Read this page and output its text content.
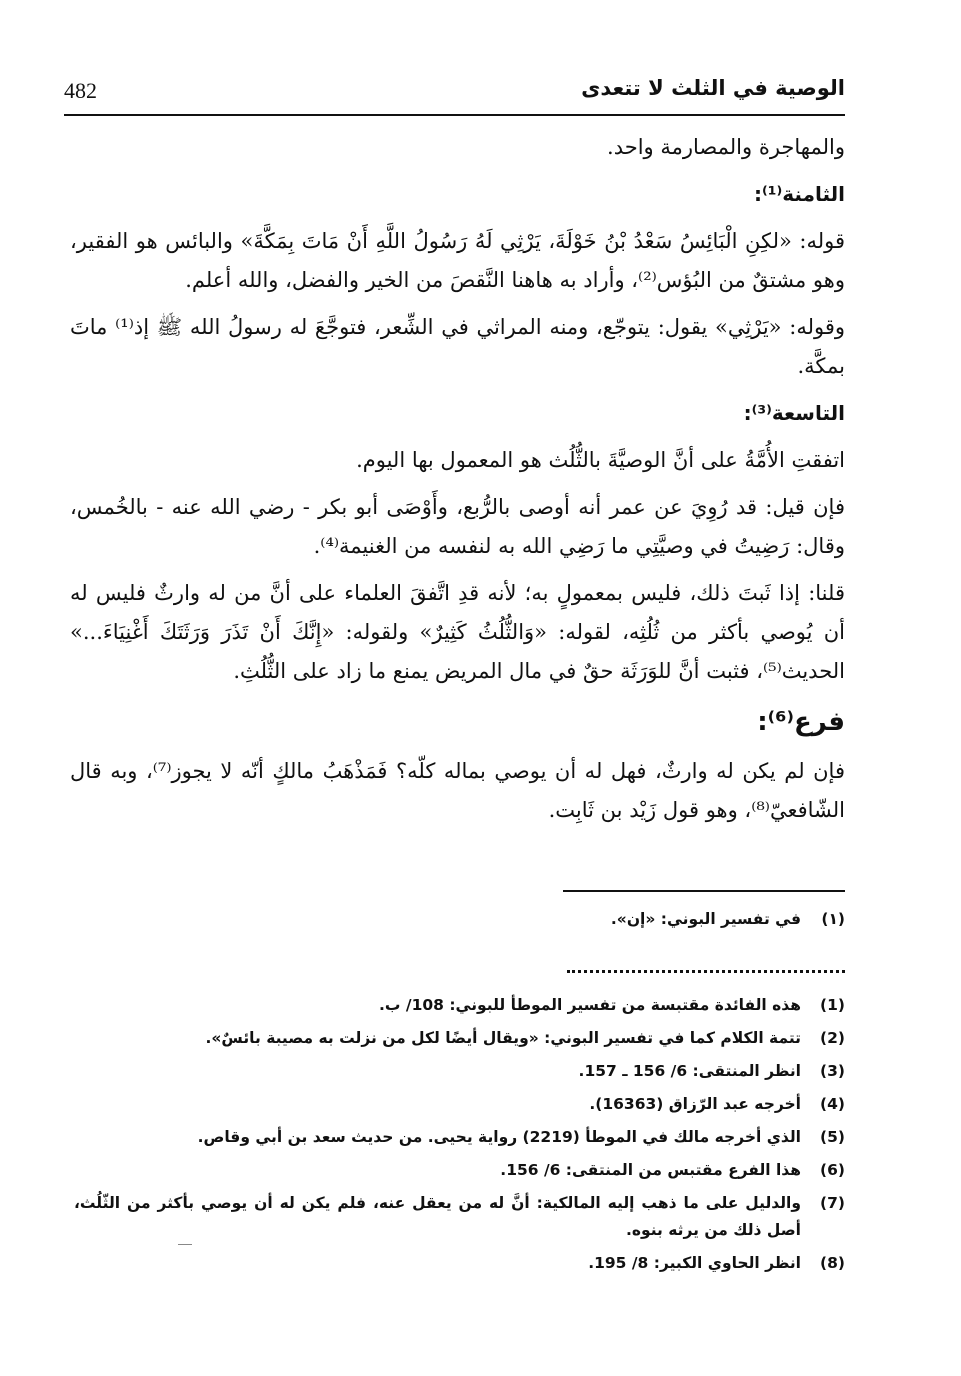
482	الوصية في الثلث لا تتعدى

والمهاجرة والمصارمة واحد.

الثامنة⁽¹⁾:

قوله: «لكِنِ الْبَائِسُ سَعْدُ بْنُ خَوْلَةَ، يَرْثِي لَهُ رَسُولُ اللَّهِ أَنْ مَاتَ بِمَكَّةَ» والبائس هو الفقير، وهو مشتقٌ من البُؤس⁽²⁾، وأراد به هاهنا النَّقصَ من الخير والفضل، والله أعلم.

وقوله: «يَرْثِي» يقول: يتوجّع، ومنه المراثي في الشِّعر، فتوجَّعَ له رسولُ الله ﷺ إذ⁽¹⁾ ماتَ بمكَّة.

التاسعة⁽³⁾:

اتفقتِ الأُمَّةُ على أنَّ الوصيَّةَ بالثُّلُث هو المعمول بها اليوم.

فإن قيل: قد رُوِيَ عن عمر أنه أوصى بالرُّبع، وأَوْصَى أبو بكر - رضي الله عنه - بالخُمس، وقال: رَضِيتُ في وصيَّتِي ما رَضِي الله به لنفسه من الغنيمة⁽⁴⁾.

قلنا: إذا ثَبتَ ذلك، فليس بمعمولٍ به؛ لأنه قدِ اتَّفقَ العلماء على أنَّ من له وارثٌ فليس له أن يُوصي بأكثر من ثُلُثِه، لقوله: «وَالثُّلُثُ كَثِيرٌ» ولقوله: «إِنَّكَ أَنْ تَذَرَ وَرَثَتَكَ أَغْنِيَاءَ...» الحديث⁽⁵⁾، فثبت أنَّ للوَرَثَة حقٌ في مال المريض يمنع ما زاد على الثُّلُثِ.

فرع⁽⁶⁾:

فإن لم يكن له وارثٌ، فهل له أن يوصي بماله كلّه؟ فَمَذْهَبُ مالكٍ أنّه لا يجوز⁽⁷⁾، وبه قال الشّافعيّ⁽⁸⁾، وهو قول زَيْد بن ثَابِت.

(١)
في تفسير البوني: «إن».
(1)
هذه الفائدة مقتبسة من تفسير الموطأ للبوني: 108/ ب.
(2)
تتمة الكلام كما في تفسير البوني: «ويقال أيضًا لكل من نزلت به مصيبة بائسٌ».
(3)
انظر المنتقى: 6/ 156 ـ 157.
(4)
أخرجه عبد الرّزاق (16363).
(5)
الذي أخرجه مالك في الموطأ (2219) رواية يحيى. من حديث سعد بن أبي وقاص.
(6)
هذا الفرع مقتبس من المنتقى: 6/ 156.
(7)
والدليل على ما ذهب إليه المالكية: أنَّ له من يعقل عنه، فلم يكن له أن يوصي بأكثر من الثّلُث، أصل ذلك من يرثه بنوه.
(8)
انظر الحاوي الكبير: 8/ 195.
